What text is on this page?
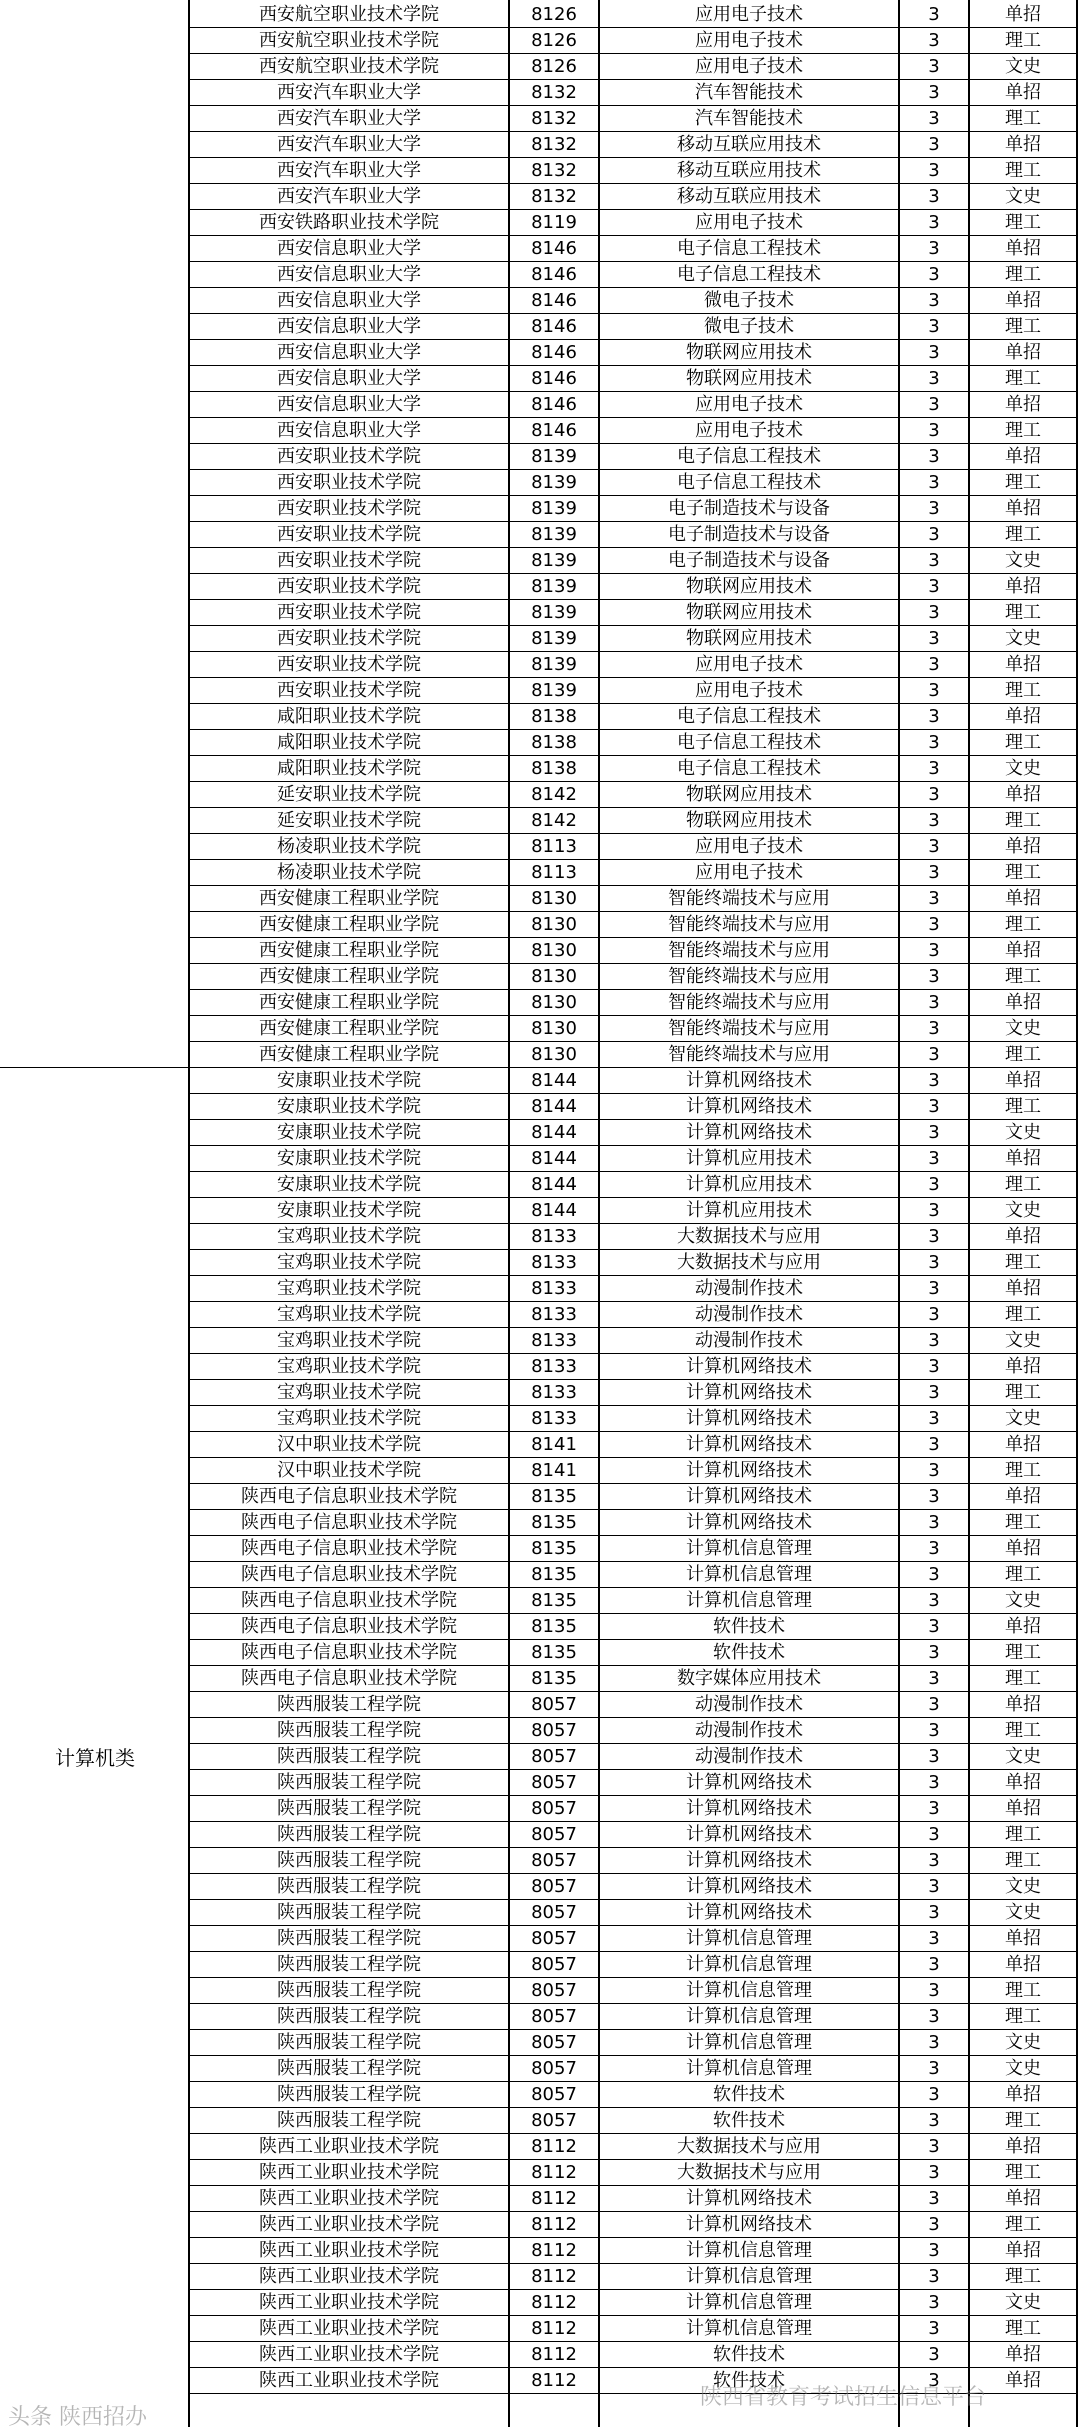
西安航空职业技术学院	8126	应用电子技术	3	单招
西安航空职业技术学院	8126	应用电子技术	3	理工
西安航空职业技术学院	8126	应用电子技术	3	文史
西安汽车职业大学	8132	汽车智能技术	3	单招
西安汽车职业大学	8132	汽车智能技术	3	理工
西安汽车职业大学	8132	移动互联应用技术	3	单招
西安汽车职业大学	8132	移动互联应用技术	3	理工
西安汽车职业大学	8132	移动互联应用技术	3	文史
西安铁路职业技术学院	8119	应用电子技术	3	理工
西安信息职业大学	8146	电子信息工程技术	3	单招
西安信息职业大学	8146	电子信息工程技术	3	理工
西安信息职业大学	8146	微电子技术	3	单招
西安信息职业大学	8146	微电子技术	3	理工
西安信息职业大学	8146	物联网应用技术	3	单招
西安信息职业大学	8146	物联网应用技术	3	理工
西安信息职业大学	8146	应用电子技术	3	单招
西安信息职业大学	8146	应用电子技术	3	理工
西安职业技术学院	8139	电子信息工程技术	3	单招
西安职业技术学院	8139	电子信息工程技术	3	理工
西安职业技术学院	8139	电子制造技术与设备	3	单招
西安职业技术学院	8139	电子制造技术与设备	3	理工
西安职业技术学院	8139	电子制造技术与设备	3	文史
西安职业技术学院	8139	物联网应用技术	3	单招
西安职业技术学院	8139	物联网应用技术	3	理工
西安职业技术学院	8139	物联网应用技术	3	文史
西安职业技术学院	8139	应用电子技术	3	单招
西安职业技术学院	8139	应用电子技术	3	理工
咸阳职业技术学院	8138	电子信息工程技术	3	单招
咸阳职业技术学院	8138	电子信息工程技术	3	理工
咸阳职业技术学院	8138	电子信息工程技术	3	文史
延安职业技术学院	8142	物联网应用技术	3	单招
延安职业技术学院	8142	物联网应用技术	3	理工
杨凌职业技术学院	8113	应用电子技术	3	单招
杨凌职业技术学院	8113	应用电子技术	3	理工
西安健康工程职业学院	8130	智能终端技术与应用	3	单招
西安健康工程职业学院	8130	智能终端技术与应用	3	理工
西安健康工程职业学院	8130	智能终端技术与应用	3	单招
西安健康工程职业学院	8130	智能终端技术与应用	3	理工
西安健康工程职业学院	8130	智能终端技术与应用	3	单招
西安健康工程职业学院	8130	智能终端技术与应用	3	文史
西安健康工程职业学院	8130	智能终端技术与应用	3	理工
安康职业技术学院	8144	计算机网络技术	3	单招
安康职业技术学院	8144	计算机网络技术	3	理工
安康职业技术学院	8144	计算机网络技术	3	文史
安康职业技术学院	8144	计算机应用技术	3	单招
安康职业技术学院	8144	计算机应用技术	3	理工
安康职业技术学院	8144	计算机应用技术	3	文史
宝鸡职业技术学院	8133	大数据技术与应用	3	单招
宝鸡职业技术学院	8133	大数据技术与应用	3	理工
宝鸡职业技术学院	8133	动漫制作技术	3	单招
宝鸡职业技术学院	8133	动漫制作技术	3	理工
宝鸡职业技术学院	8133	动漫制作技术	3	文史
宝鸡职业技术学院	8133	计算机网络技术	3	单招
宝鸡职业技术学院	8133	计算机网络技术	3	理工
宝鸡职业技术学院	8133	计算机网络技术	3	文史
汉中职业技术学院	8141	计算机网络技术	3	单招
汉中职业技术学院	8141	计算机网络技术	3	理工
陕西电子信息职业技术学院	8135	计算机网络技术	3	单招
陕西电子信息职业技术学院	8135	计算机网络技术	3	理工
陕西电子信息职业技术学院	8135	计算机信息管理	3	单招
陕西电子信息职业技术学院	8135	计算机信息管理	3	理工
陕西电子信息职业技术学院	8135	计算机信息管理	3	文史
陕西电子信息职业技术学院	8135	软件技术	3	单招
陕西电子信息职业技术学院	8135	软件技术	3	理工
陕西电子信息职业技术学院	8135	数字媒体应用技术	3	理工
陕西服装工程学院	8057	动漫制作技术	3	单招
陕西服装工程学院	8057	动漫制作技术	3	理工
陕西服装工程学院	8057	动漫制作技术	3	文史
陕西服装工程学院	8057	计算机网络技术	3	单招
陕西服装工程学院	8057	计算机网络技术	3	单招
陕西服装工程学院	8057	计算机网络技术	3	理工
陕西服装工程学院	8057	计算机网络技术	3	理工
陕西服装工程学院	8057	计算机网络技术	3	文史
陕西服装工程学院	8057	计算机网络技术	3	文史
陕西服装工程学院	8057	计算机信息管理	3	单招
陕西服装工程学院	8057	计算机信息管理	3	单招
陕西服装工程学院	8057	计算机信息管理	3	理工
陕西服装工程学院	8057	计算机信息管理	3	理工
陕西服装工程学院	8057	计算机信息管理	3	文史
陕西服装工程学院	8057	计算机信息管理	3	文史
陕西服装工程学院	8057	软件技术	3	单招
陕西服装工程学院	8057	软件技术	3	理工
陕西工业职业技术学院	8112	大数据技术与应用	3	单招
陕西工业职业技术学院	8112	大数据技术与应用	3	理工
陕西工业职业技术学院	8112	计算机网络技术	3	单招
陕西工业职业技术学院	8112	计算机网络技术	3	理工
陕西工业职业技术学院	8112	计算机信息管理	3	单招
陕西工业职业技术学院	8112	计算机信息管理	3	理工
陕西工业职业技术学院	8112	计算机信息管理	3	文史
陕西工业职业技术学院	8112	计算机信息管理	3	理工
陕西工业职业技术学院	8112	软件技术	3	单招
陕西工业职业技术学院	8112	软件技术	3	单招
计算机类
头条 陕西招办
陕西省教育考试招生信息平台
